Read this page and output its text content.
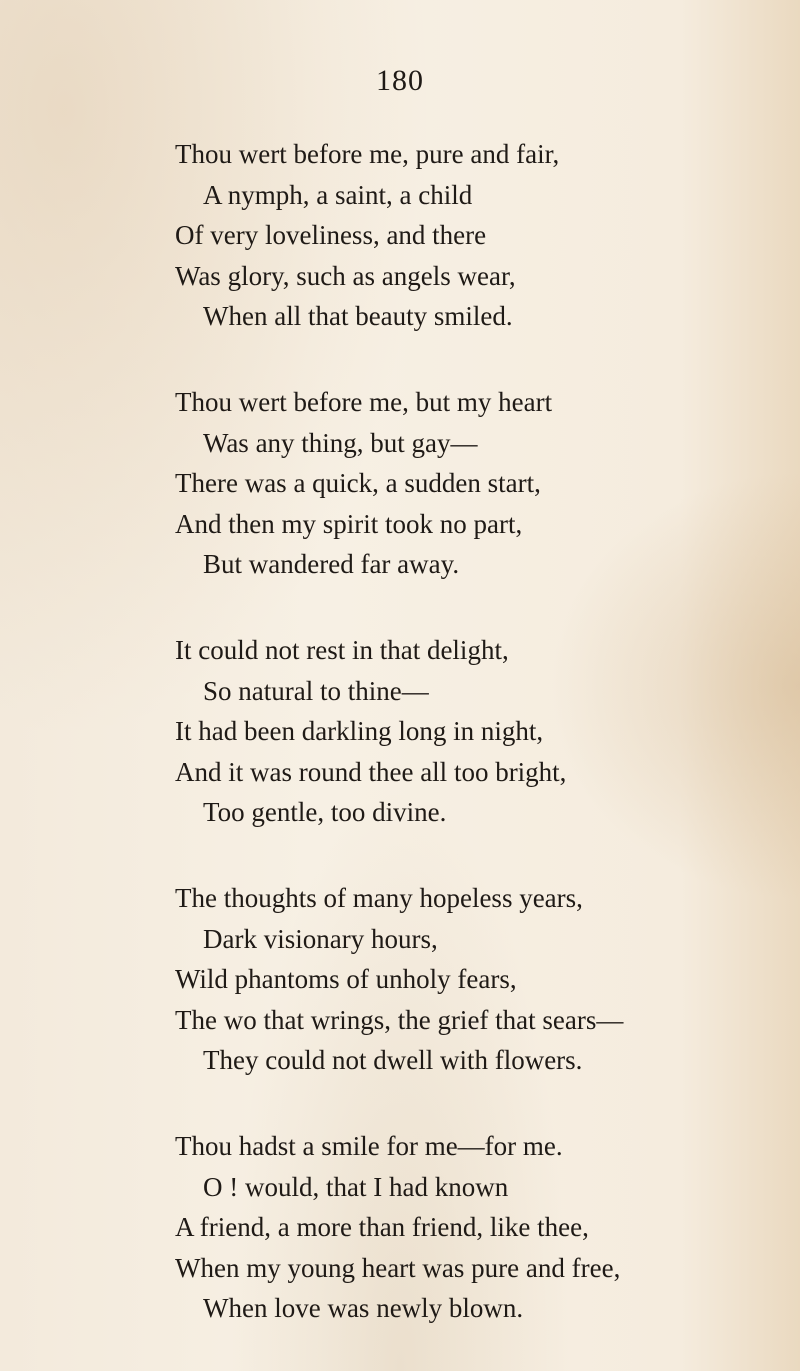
180
Thou wert before me, pure and fair,
A nymph, a saint, a child
Of very loveliness, and there
Was glory, such as angels wear,
When all that beauty smiled.
Thou wert before me, but my heart
Was any thing, but gay—
There was a quick, a sudden start,
And then my spirit took no part,
But wandered far away.
It could not rest in that delight,
So natural to thine—
It had been darkling long in night,
And it was round thee all too bright,
Too gentle, too divine.
The thoughts of many hopeless years,
Dark visionary hours,
Wild phantoms of unholy fears,
The wo that wrings, the grief that sears—
They could not dwell with flowers.
Thou hadst a smile for me—for me.
O ! would, that I had known
A friend, a more than friend, like thee,
When my young heart was pure and free,
When love was newly blown.
